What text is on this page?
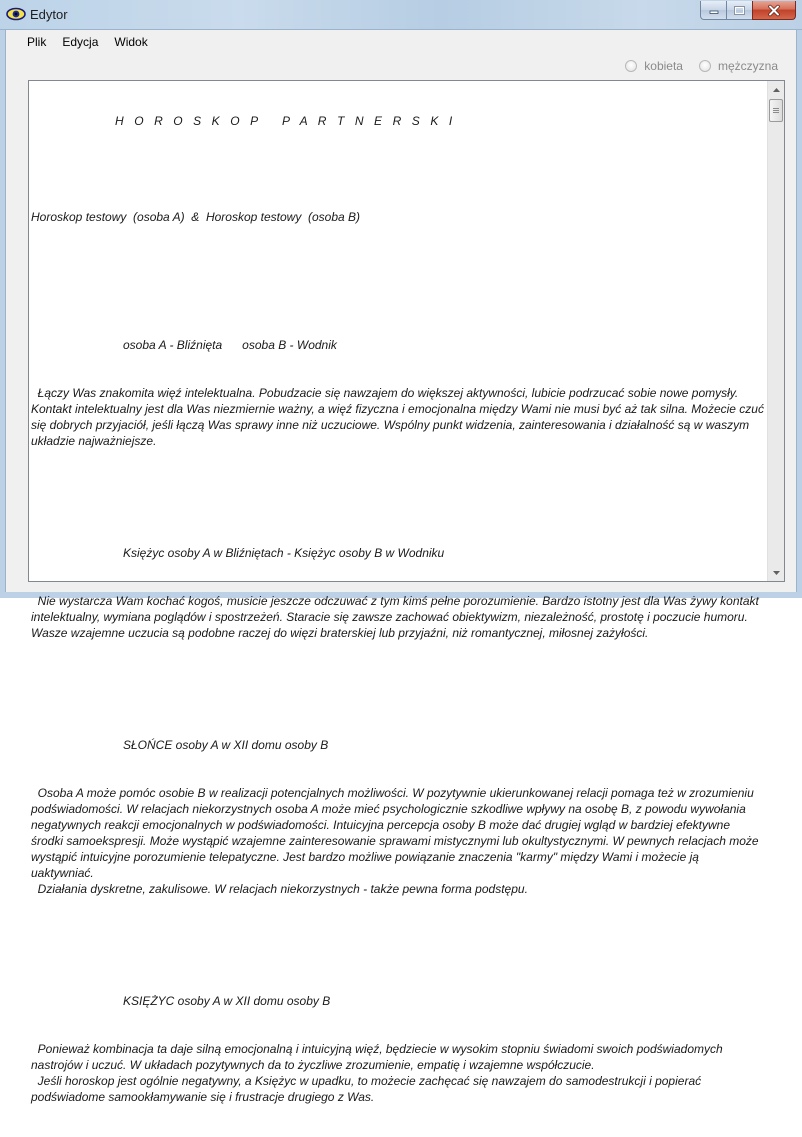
Edytor
Plik	Edycja	Widok
kobieta	mężczyzna

H O R O S K O P   P A R T N E R S K I

Horoskop testowy  (osoba A)  &  Horoskop testowy  (osoba B)

osoba A - Bliźnięta      osoba B - Wodnik

Łączy Was znakomita więź intelektualna. Pobudzacie się nawzajem do większej aktywności, lubicie podrzucać sobie nowe pomysły. Kontakt intelektualny jest dla Was niezmiernie ważny, a więź fizyczna i emocjonalna między Wami nie musi być aż tak silna. Możecie czuć się dobrych przyjaciół, jeśli łączą Was sprawy inne niż uczuciowe. Wspólny punkt widzenia, zainteresowania i działalność są w waszym układzie najważniejsze.

Księżyc osoby A w Bliźniętach - Księżyc osoby B w Wodniku

Nie wystarcza Wam kochać kogoś, musicie jeszcze odczuwać z tym kimś pełne porozumienie. Bardzo istotny jest dla Was żywy kontakt intelektualny, wymiana poglądów i spostrzeżeń. Staracie się zawsze zachować obiektywizm, niezależność, prostotę i poczucie humoru. Wasze wzajemne uczucia są podobne raczej do więzi braterskiej lub przyjaźni, niż romantycznej, miłosnej zażyłości.

SŁOŃCE osoby A w XII domu osoby B

Osoba A może pomóc osobie B w realizacji potencjalnych możliwości. W pozytywnie ukierunkowanej relacji pomaga też w zrozumieniu podświadomości. W relacjach niekorzystnych osoba A może mieć psychologicznie szkodliwe wpływy na osobę B, z powodu wywołania negatywnych reakcji emocjonalnych w podświadomości. Intuicyjna percepcja osoby B może dać drugiej wgląd w bardziej efektywne środki samoekspresji. Może wystąpić wzajemne zainteresowanie sprawami mistycznymi lub okultystycznymi. W pewnych relacjach może wystąpić intuicyjne porozumienie telepatyczne. Jest bardzo możliwe powiązanie znaczenia "karmy" między Wami i możecie ją uaktywniać.
Działania dyskretne, zakulisowe. W relacjach niekorzystnych - także pewna forma podstępu.

KSIĘŻYC osoby A w XII domu osoby B

Ponieważ kombinacja ta daje silną emocjonalną i intuicyjną więź, będziecie w wysokim stopniu świadomi swoich podświadomych nastrojów i uczuć. W układach pozytywnych da to życzliwe zrozumienie, empatię i wzajemne współczucie.
Jeśli horoskop jest ogólnie negatywny, a Księżyc w upadku, to możecie zachęcać się nawzajem do samodestrukcji i popierać podświadome samookłamywanie się i frustracje drugiego z Was.
